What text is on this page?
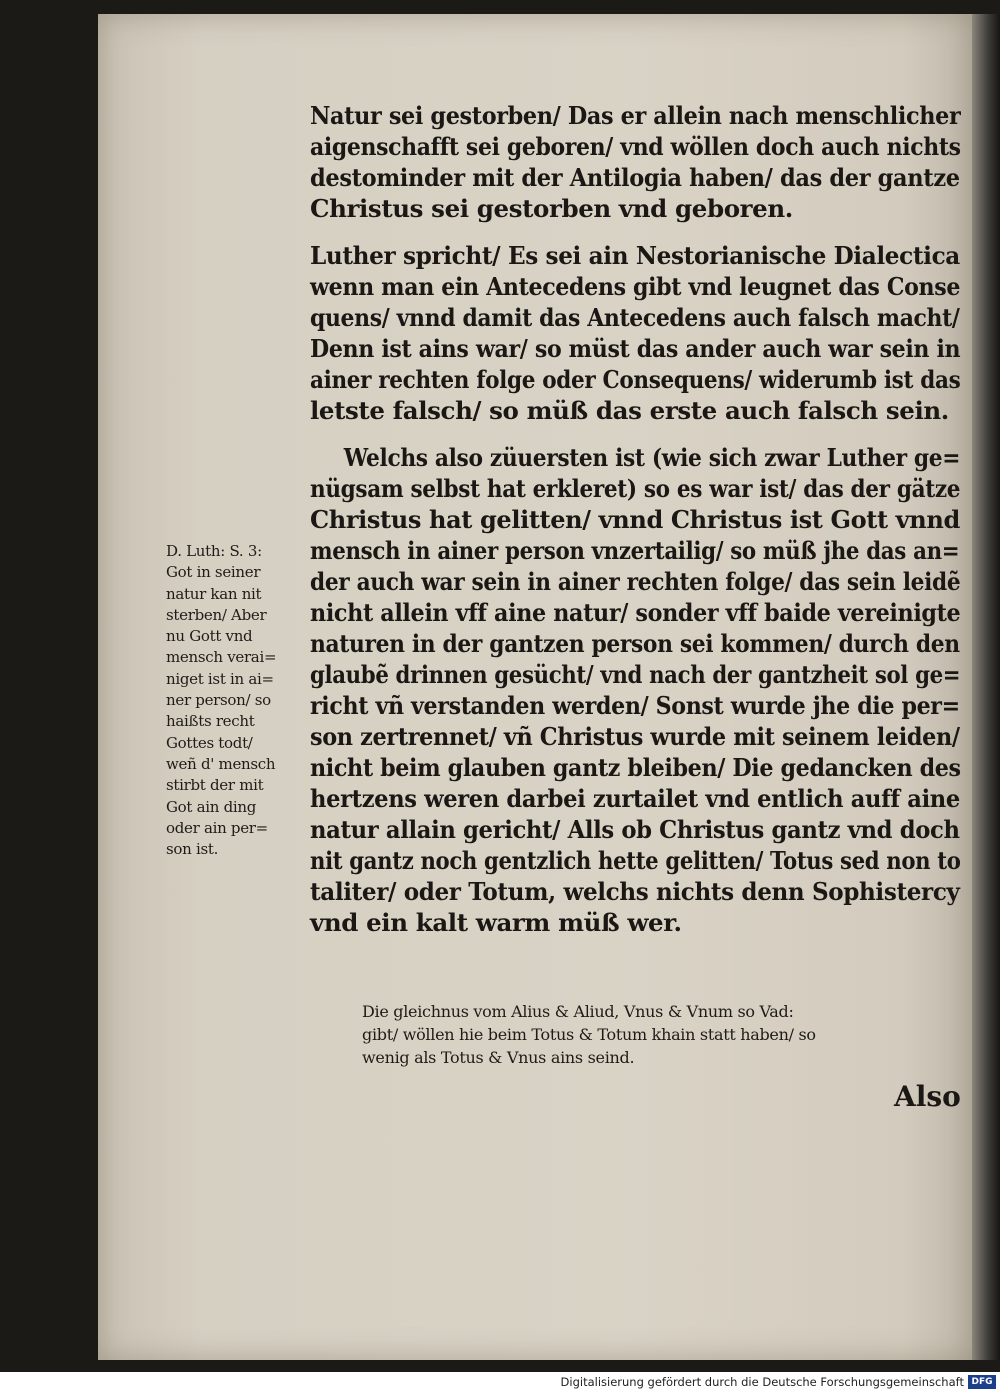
Natur sei gestorben/ Das er allein nach menschlicher
aigenschafft sei geboren/ vnd wöllen doch auch nichts
destominder mit der Antilogia haben/ das der gantze
Christus sei gestorben vnd geboren.
Luther spricht/ Es sei ain Nestorianische Dialectica
wenn man ein Antecedens gibt vnd leugnet das Conse
quens/ vnnd damit das Antecedens auch falsch macht/
Denn ist ains war/ so müst das ander auch war sein in
ainer rechten folge oder Consequens/ widerumb ist das
letste falsch/ so müß das erste auch falsch sein.
Welchs also züuersten ist (wie sich zwar Luther ge=
nügsam selbst hat erkleret) so es war ist/ das der gätze
Christus hat gelitten/ vnnd Christus ist Gott vnnd
mensch in ainer person vnzertailig/ so müß jhe das an=
der auch war sein in ainer rechten folge/ das sein leidẽ
nicht allein vff aine natur/ sonder vff baide vereinigte
naturen in der gantzen person sei kommen/ durch den
glaubẽ drinnen gesücht/ vnd nach der gantzheit sol ge=
richt vñ verstanden werden/ Sonst wurde jhe die per=
son zertrennet/ vñ Christus wurde mit seinem leiden/
nicht beim glauben gantz bleiben/ Die gedancken des
hertzens weren darbei zurtailet vnd entlich auff aine
natur allain gericht/ Alls ob Christus gantz vnd doch
nit gantz noch gentzlich hette gelitten/ Totus sed non to
taliter/ oder Totum, welchs nichts denn Sophistercy
vnd ein kalt warm müß wer.
D. Luth: S. 3:
Got in seiner
natur kan nit
sterben/ Aber
nu Gott vnd
mensch verai=
niget ist in ai=
ner person/ so
haißts recht
Gottes todt/
weñ d' mensch
stirbt der mit
Got ain ding
oder ain per=
son ist.
Die gleichnus vom Alius & Aliud, Vnus & Vnum so Vad:
gibt/ wöllen hie beim Totus & Totum khain statt haben/ so
wenig als Totus & Vnus ains seind.
Also
Digitalisierung gefördert durch die Deutsche Forschungsgemeinschaft DFG
